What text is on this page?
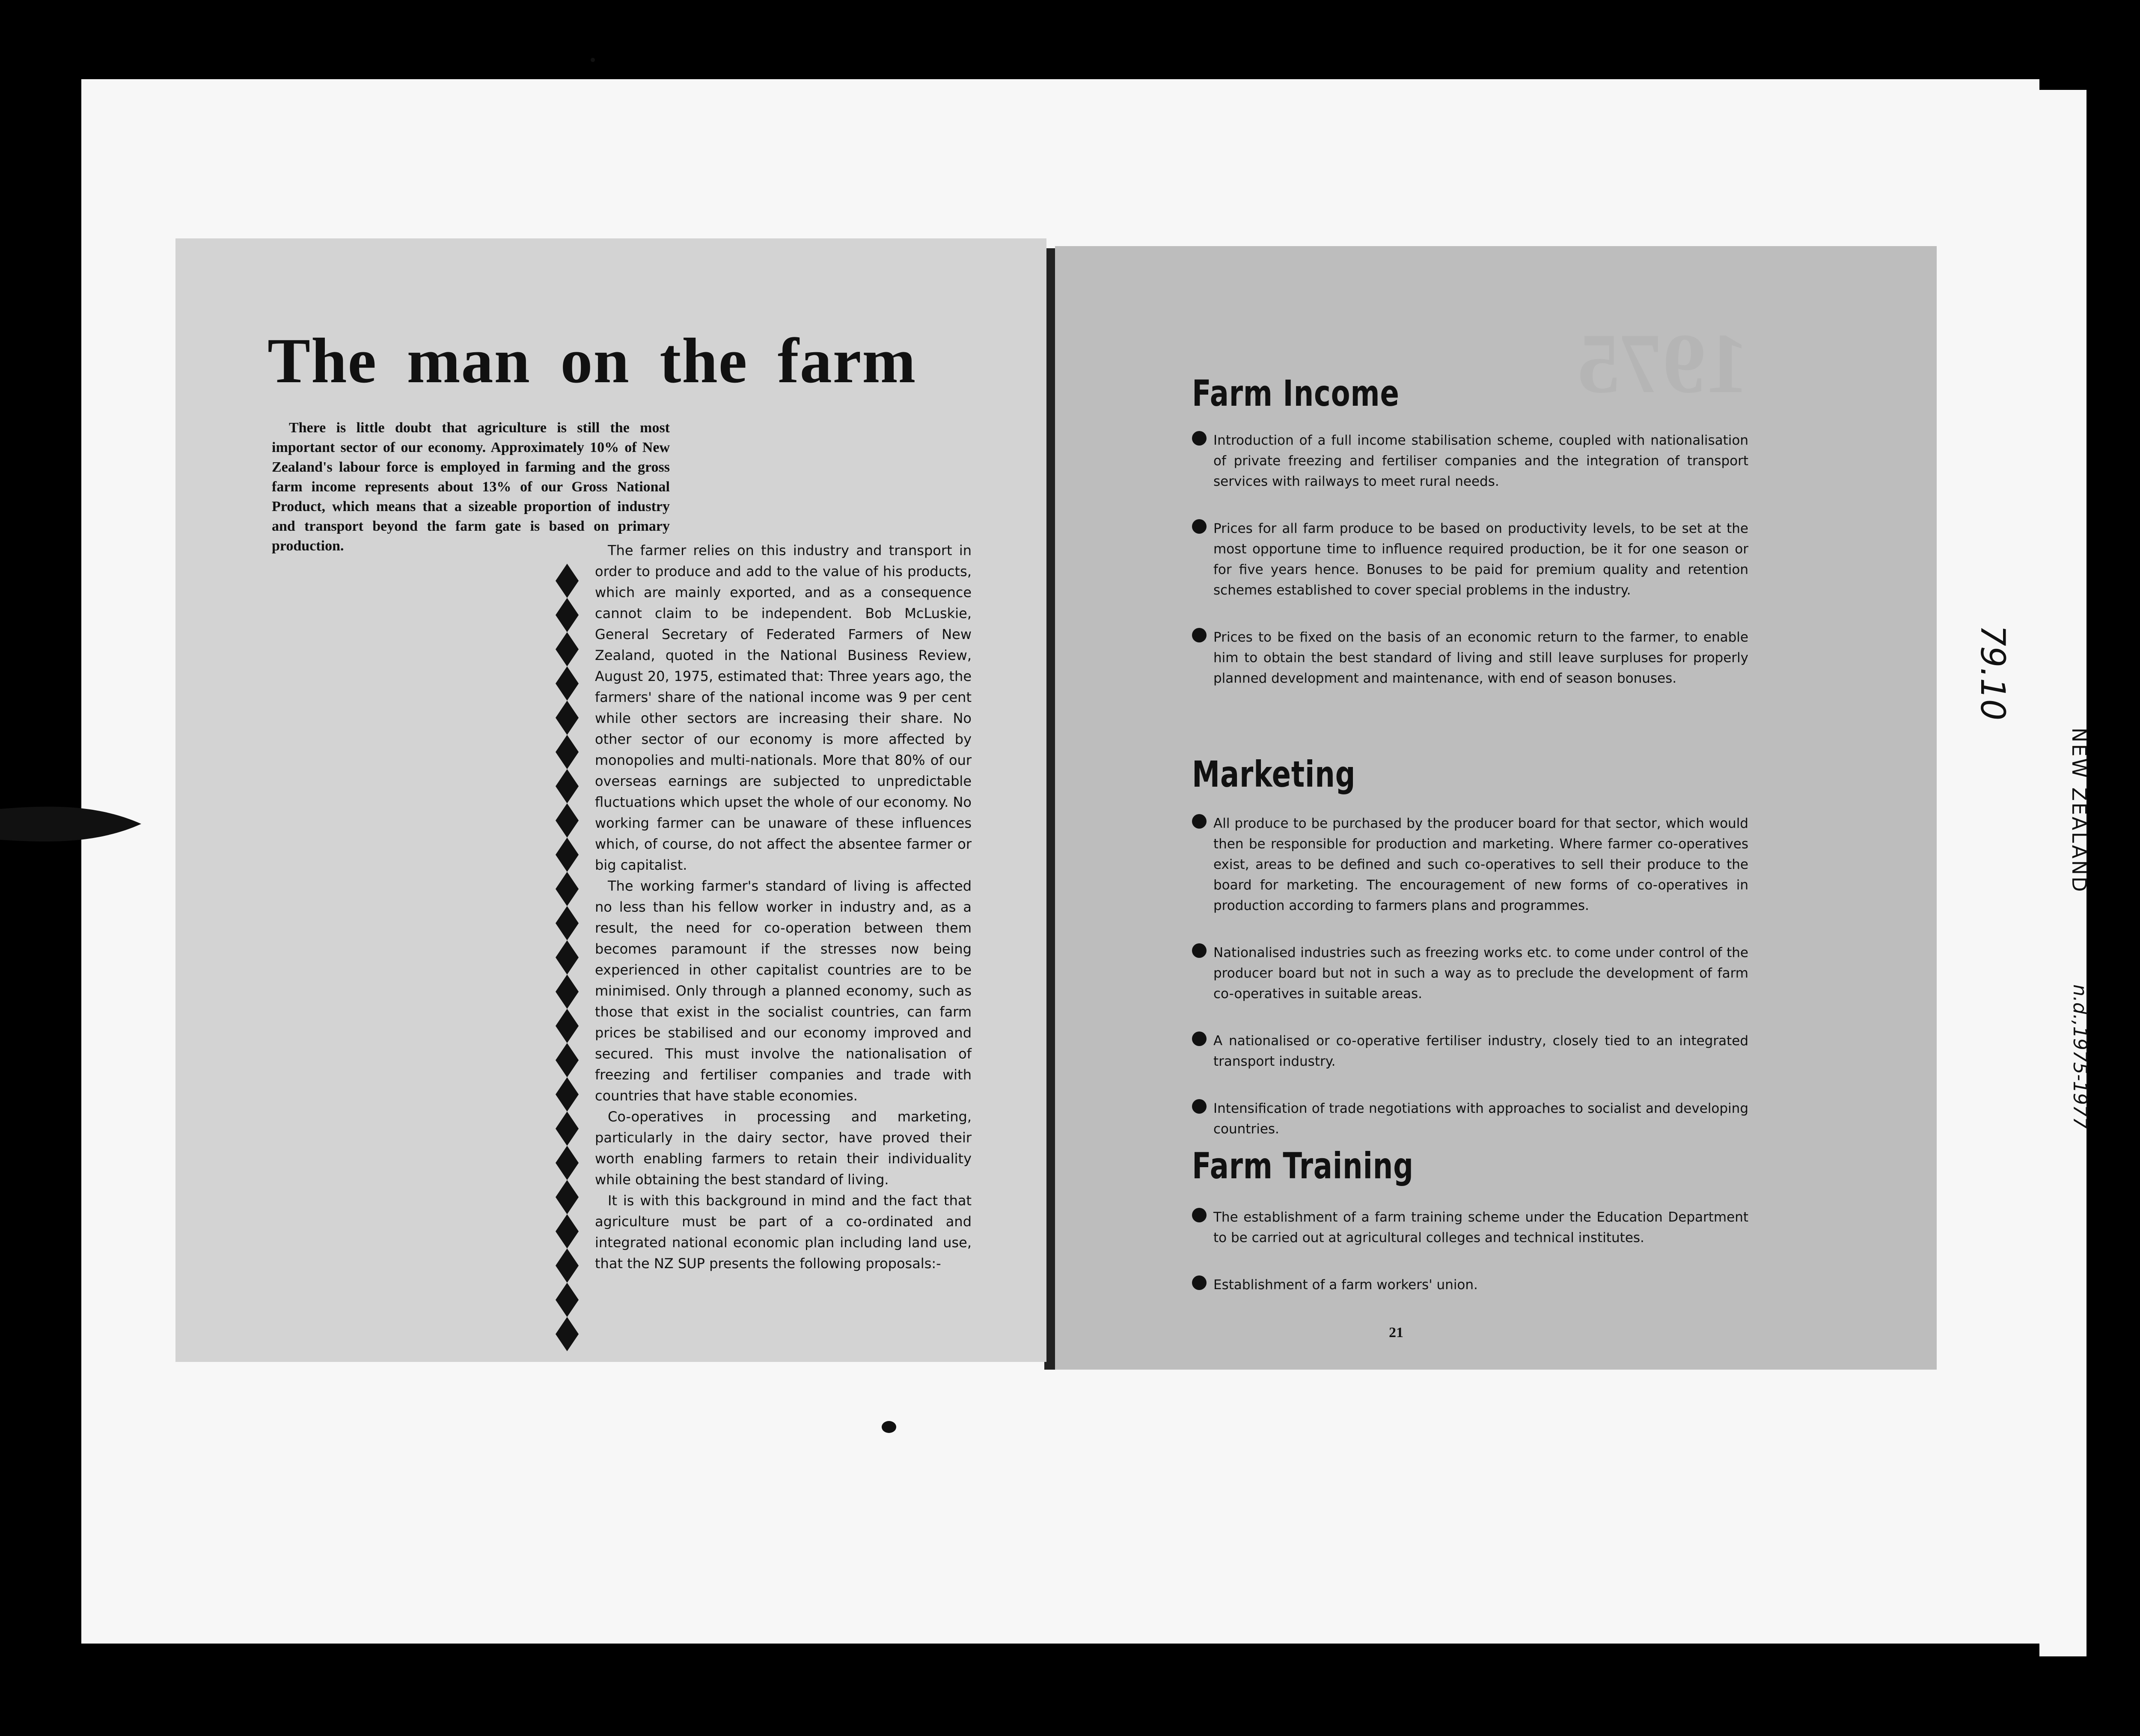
The man on the farm

There is little doubt that agriculture is still the most important sector of our economy. Approximately 10% of New Zealand's labour force is employed in farming and the gross farm income represents about 13% of our Gross National Product, which means that a sizeable proportion of industry and transport beyond the farm gate is based on primary production.	The farmer relies on this industry and transport in order to produce and add to the value of his products, which are mainly exported, and as a consequence cannot claim to be independent. Bob McLuskie, General Secretary of Federated Farmers of New Zealand, quoted in the National Business Review, August 20, 1975, estimated that: Three years ago, the farmers' share of the national income was 9 per cent while other sectors are increasing their share. No other sector of our economy is more affected by monopolies and multi-nationals. More that 80% of our overseas earnings are subjected to unpredictable fluctuations which upset the whole of our economy. No working farmer can be unaware of these influences which, of course, do not affect the absentee farmer or big capitalist.

The working farmer's standard of living is affected no less than his fellow worker in industry and, as a result, the need for co-operation between them becomes paramount if the stresses now being experienced in other capitalist countries are to be minimised. Only through a planned economy, such as those that exist in the socialist countries, can farm prices be stabilised and our economy improved and secured. This must involve the nationalisation of freezing and fertiliser companies and trade with countries that have stable economies.

Co-operatives in processing and marketing, particularly in the dairy sector, have proved their worth enabling farmers to retain their individuality while obtaining the best standard of living.

It is with this background in mind and the fact that agriculture must be part of a co-ordinated and integrated national economic plan including land use, that the NZ SUP presents the following proposals:-

1975
Farm Income
Introduction of a full income stabilisation scheme, coupled with nationalisation of private freezing and fertiliser companies and the integration of transport services with railways to meet rural needs.
Prices for all farm produce to be based on productivity levels, to be set at the most opportune time to influence required production, be it for one season or for five years hence. Bonuses to be paid for premium quality and retention schemes established to cover special problems in the industry.
Prices to be fixed on the basis of an economic return to the farmer, to enable him to obtain the best standard of living and still leave surpluses for properly planned development and maintenance, with end of season bonuses.
Marketing
All produce to be purchased by the producer board for that sector, which would then be responsible for production and marketing. Where farmer co-operatives exist, areas to be defined and such co-operatives to sell their produce to the board for marketing. The encouragement of new forms of co-operatives in production according to farmers plans and programmes.
Nationalised industries such as freezing works etc. to come under control of the producer board but not in such a way as to preclude the development of farm co-operatives in suitable areas.
A nationalised or co-operative fertiliser industry, closely tied to an integrated transport industry.
Intensification of trade negotiations with approaches to socialist and developing countries.
Farm Training
The establishment of a farm training scheme under the Education Department to be carried out at agricultural colleges and technical institutes.
Establishment of a farm workers' union.
21
79.10
NEW ZEALAND
n.d.,1975-1977
